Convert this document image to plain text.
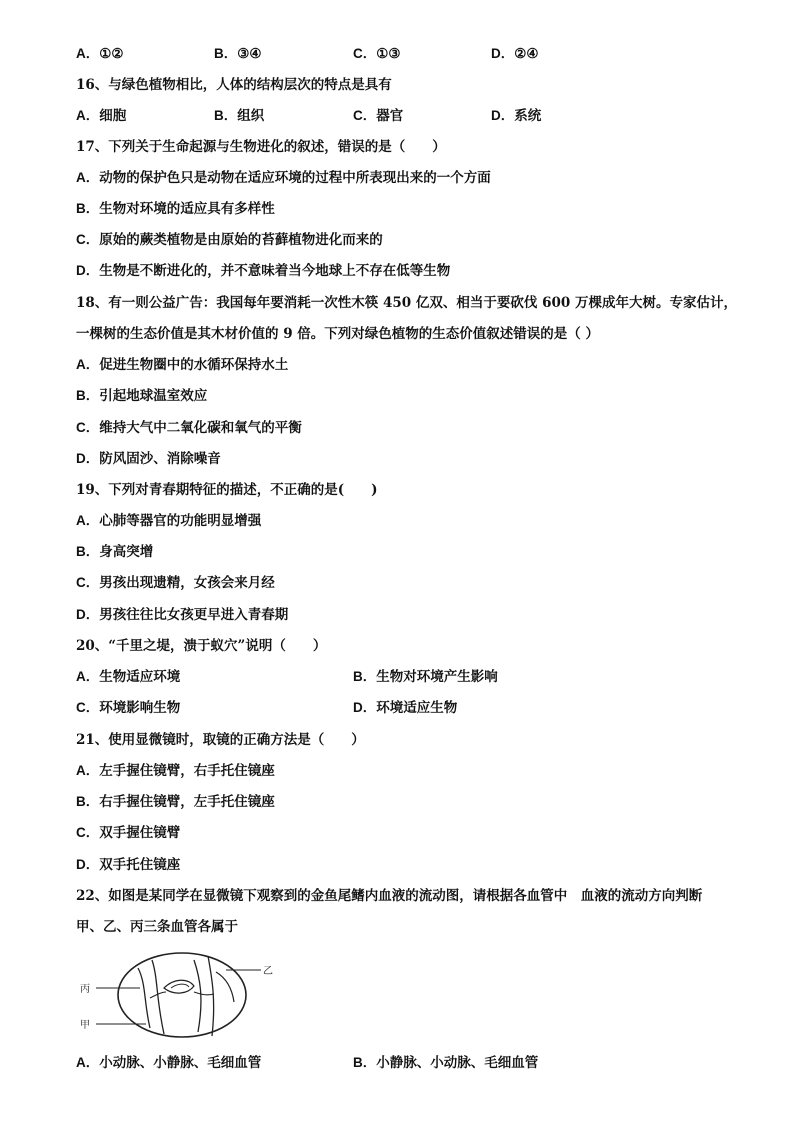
A．①②	B．③④	C．①③	D．②④
16、与绿色植物相比，人体的结构层次的特点是具有
A．细胞	B．组织	C．器官	D．系统
17、下列关于生命起源与生物进化的叙述，错误的是（　　）
A．动物的保护色只是动物在适应环境的过程中所表现出来的一个方面
B．生物对环境的适应具有多样性
C．原始的蕨类植物是由原始的苔藓植物进化而来的
D．生物是不断进化的，并不意味着当今地球上不存在低等生物
18、有一则公益广告：我国每年要消耗一次性木筷 450 亿双、相当于要砍伐 600 万棵成年大树。专家估计，
一棵树的生态价值是其木材价值的 9 倍。下列对绿色植物的生态价值叙述错误的是（ ）
A．促进生物圈中的水循环保持水土
B．引起地球温室效应
C．维持大气中二氧化碳和氧气的平衡
D．防风固沙、消除噪音
19、下列对青春期特征的描述，不正确的是(　　)
A．心肺等器官的功能明显增强
B．身高突增
C．男孩出现遗精，女孩会来月经
D．男孩往往比女孩更早进入青春期
20、“千里之堤，溃于蚁穴”说明（　　）
A．生物适应环境	B．生物对环境产生影响
C．环境影响生物	D．环境适应生物
21、使用显微镜时，取镜的正确方法是（　　）
A．左手握住镜臂，右手托住镜座
B．右手握住镜臂，左手托住镜座
C．双手握住镜臂
D．双手托住镜座
22、如图是某同学在显微镜下观察到的金鱼尾鳍内血液的流动图，请根据各血管中　血液的流动方向判断
甲、乙、丙三条血管各属于
乙
丙
甲
A．小动脉、小静脉、毛细血管	B．小静脉、小动脉、毛细血管
